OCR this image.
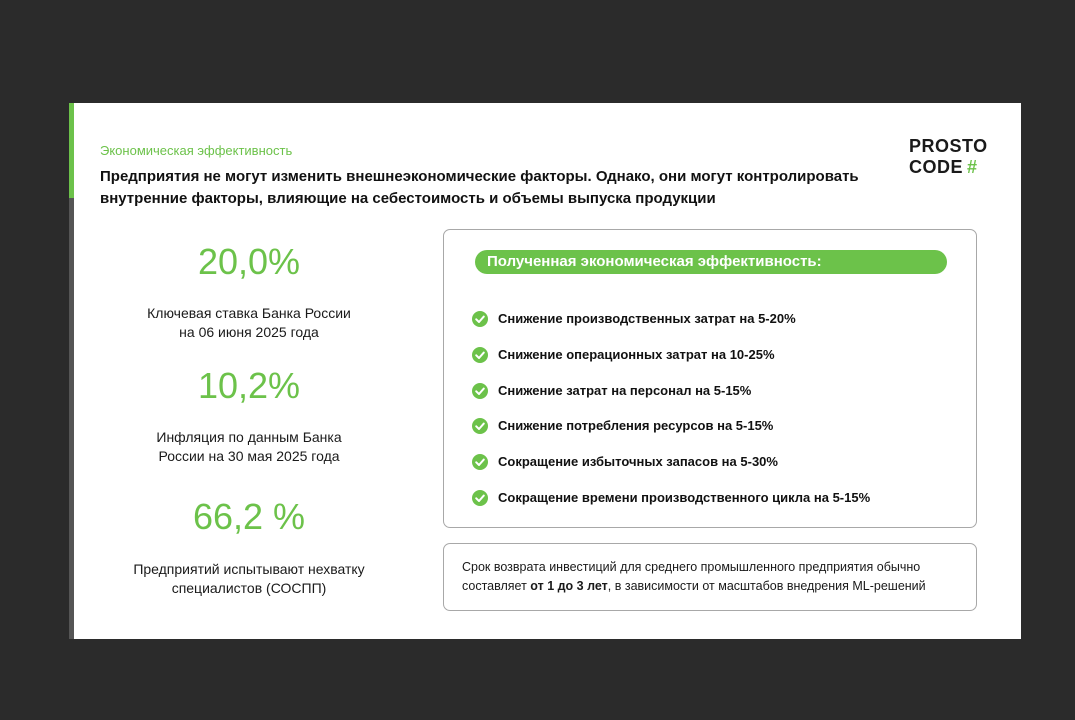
Экономическая эффективность
Предприятия не могут изменить внешнеэкономические факторы. Однако, они могут контролировать внутренние факторы, влияющие на себестоимость и объемы выпуска продукции
PROSTO
CODE #
20,0%
Ключевая ставка Банка России
на 06 июня 2025 года
10,2%
Инфляция по данным Банка
России на 30 мая 2025 года
66,2 %
Предприятий испытывают нехватку
специалистов (СОСПП)
Полученная экономическая эффективность:
Снижение производственных затрат на 5-20%
Снижение операционных затрат на 10-25%
Снижение затрат на персонал на 5-15%
Снижение потребления ресурсов на 5-15%
Сокращение избыточных запасов на 5-30%
Сокращение времени производственного цикла на 5-15%
Срок возврата инвестиций для среднего промышленного предприятия обычно составляет от 1 до 3 лет, в зависимости от масштабов внедрения ML-решений
